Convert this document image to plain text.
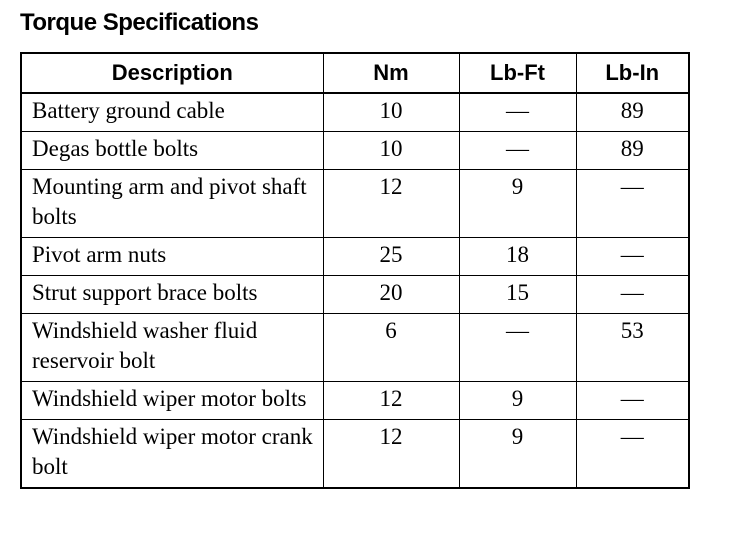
Torque Specifications
Description	Nm	Lb-Ft	Lb-In
Battery ground cable	10	—	89
Degas bottle bolts	10	—	89
Mounting arm and pivot shaft bolts	12	9	—
Pivot arm nuts	25	18	—
Strut support brace bolts	20	15	—
Windshield washer fluid reservoir bolt	6	—	53
Windshield wiper motor bolts	12	9	—
Windshield wiper motor crank bolt	12	9	—
